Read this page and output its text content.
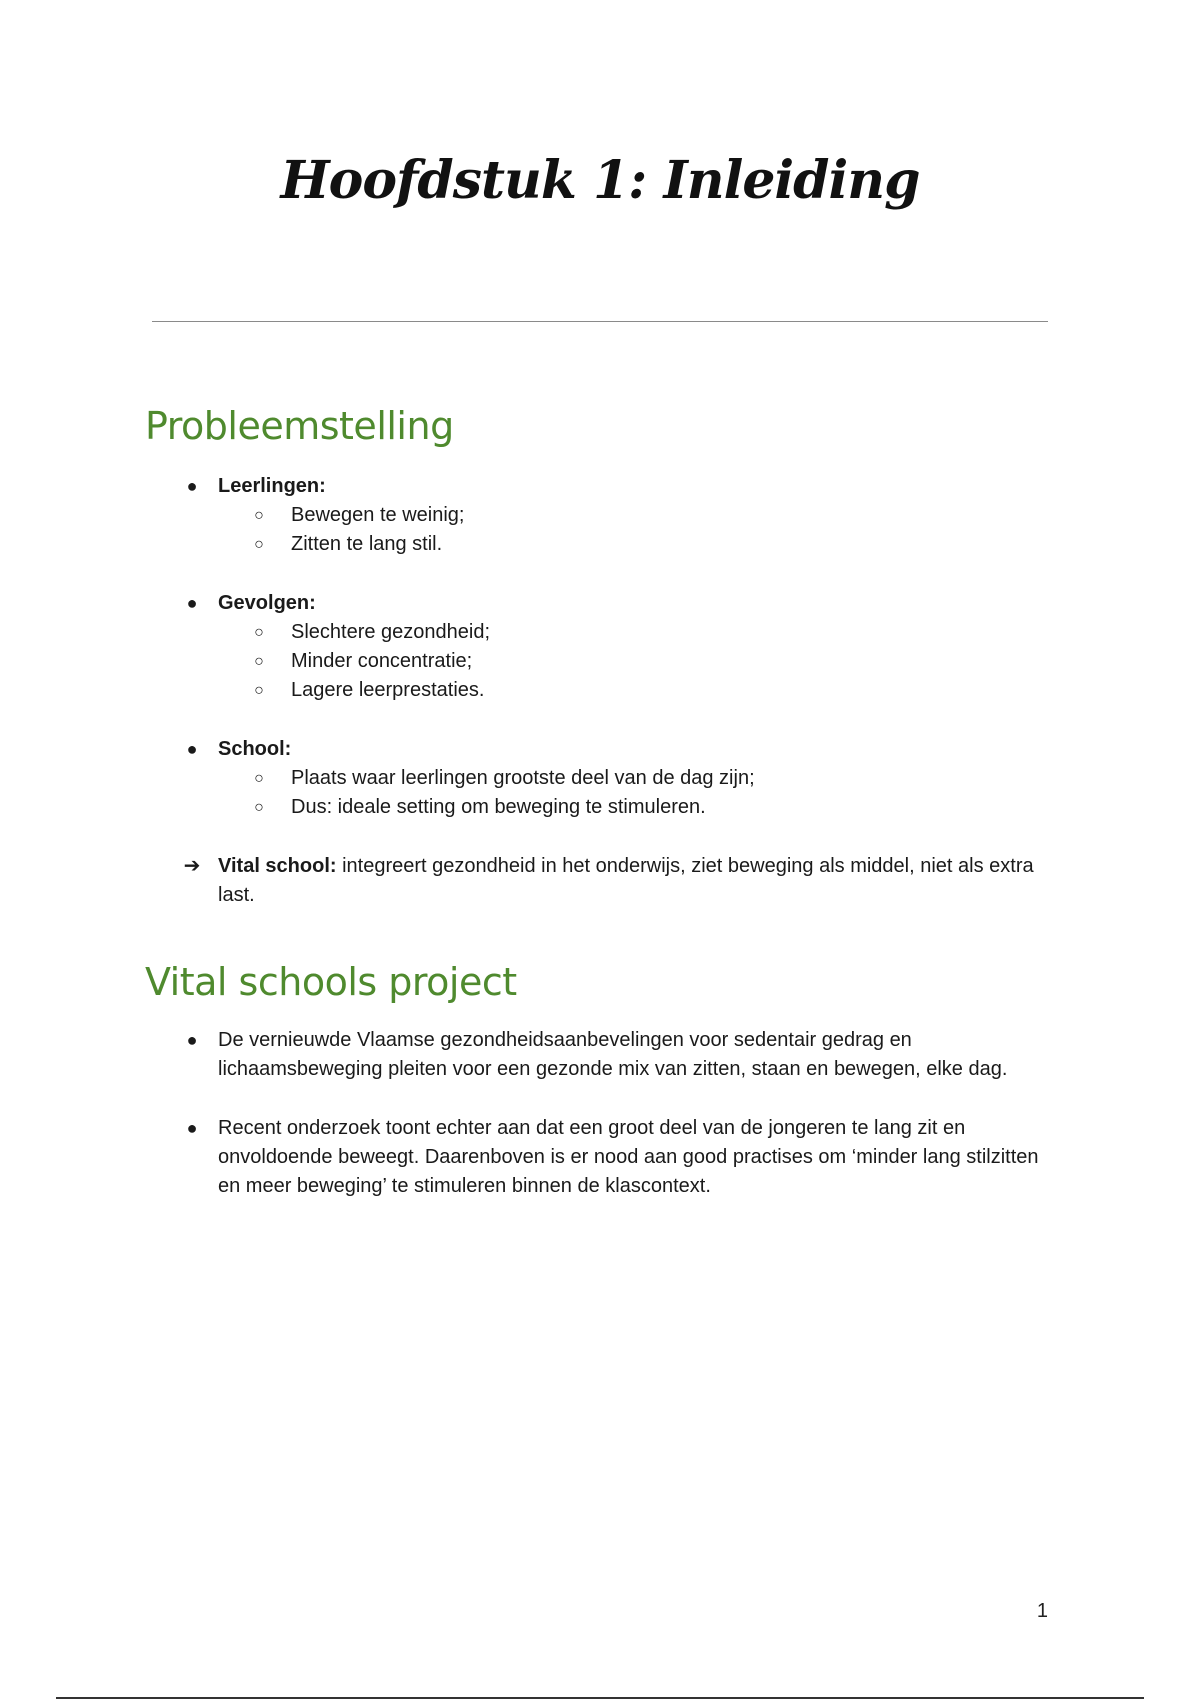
Hoofdstuk 1: Inleiding
Probleemstelling
● Leerlingen:
○ Bewegen te weinig;
○ Zitten te lang stil.
● Gevolgen:
○ Slechtere gezondheid;
○ Minder concentratie;
○ Lagere leerprestaties.
● School:
○ Plaats waar leerlingen grootste deel van de dag zijn;
○ Dus: ideale setting om beweging te stimuleren.
➔ Vital school: integreert gezondheid in het onderwijs, ziet beweging als middel, niet als extra last.
Vital schools project
● De vernieuwde Vlaamse gezondheidsaanbevelingen voor sedentair gedrag en lichaamsbeweging pleiten voor een gezonde mix van zitten, staan en bewegen, elke dag.
● Recent onderzoek toont echter aan dat een groot deel van de jongeren te lang zit en onvoldoende beweegt. Daarenboven is er nood aan good practises om ‘minder lang stilzitten en meer beweging’ te stimuleren binnen de klascontext.
1
